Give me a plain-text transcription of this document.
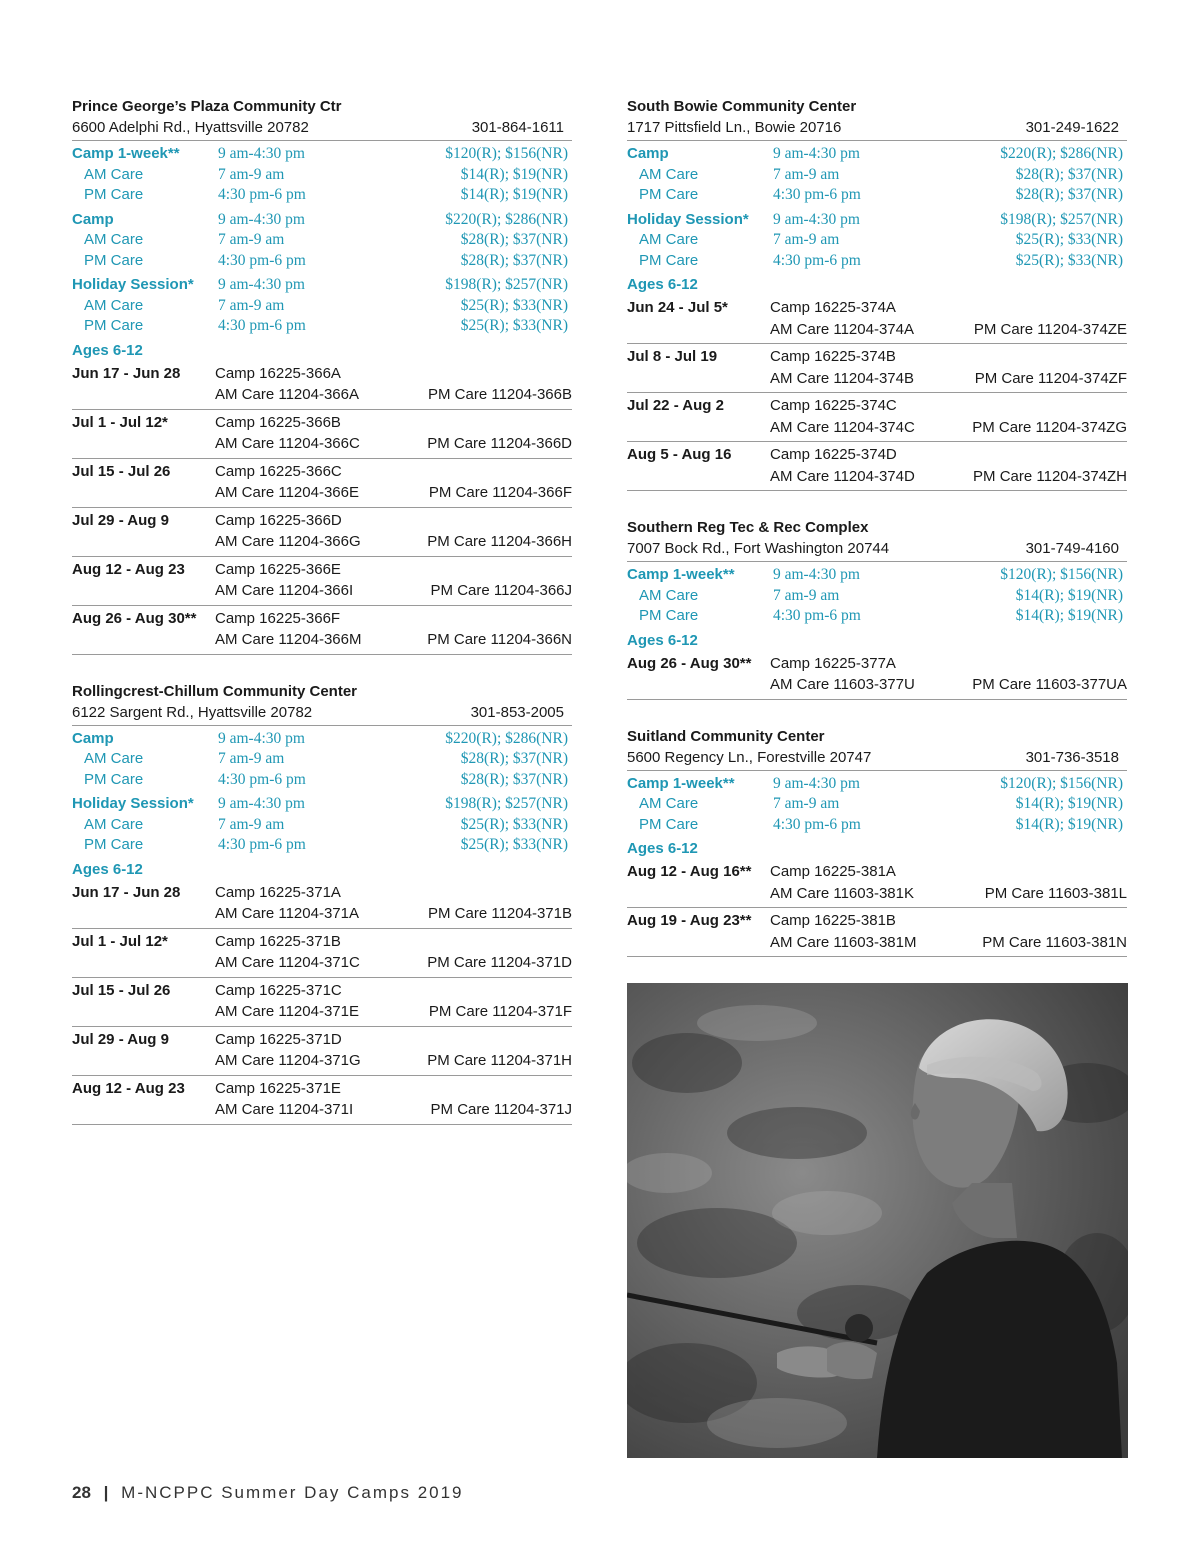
Prince George’s Plaza Community Ctr
6600 Adelphi Rd., Hyattsville 20782	301-864-1611
Camp 1-week**	9 am-4:30 pm	$120(R); $156(NR)
AM Care	7 am-9 am	$14(R); $19(NR)
PM Care	4:30 pm-6 pm	$14(R); $19(NR)
Camp	9 am-4:30 pm	$220(R); $286(NR)
AM Care	7 am-9 am	$28(R); $37(NR)
PM Care	4:30 pm-6 pm	$28(R); $37(NR)
Holiday Session*	9 am-4:30 pm	$198(R); $257(NR)
AM Care	7 am-9 am	$25(R); $33(NR)
PM Care	4:30 pm-6 pm	$25(R); $33(NR)
Ages 6-12
Jun 17 - Jun 28	Camp 16225-366A
AM Care 11204-366A	PM Care 11204-366B
Jul 1 - Jul 12*	Camp 16225-366B
AM Care 11204-366C	PM Care 11204-366D
Jul 15 - Jul 26	Camp 16225-366C
AM Care 11204-366E	PM Care 11204-366F
Jul 29 - Aug 9	Camp 16225-366D
AM Care 11204-366G	PM Care 11204-366H
Aug 12 - Aug 23	Camp 16225-366E
AM Care 11204-366I	PM Care 11204-366J
Aug 26 - Aug 30**	Camp 16225-366F
AM Care 11204-366M	PM Care 11204-366N
Rollingcrest-Chillum Community Center
6122 Sargent Rd., Hyattsville 20782	301-853-2005
Camp	9 am-4:30 pm	$220(R); $286(NR)
AM Care	7 am-9 am	$28(R); $37(NR)
PM Care	4:30 pm-6 pm	$28(R); $37(NR)
Holiday Session*	9 am-4:30 pm	$198(R); $257(NR)
AM Care	7 am-9 am	$25(R); $33(NR)
PM Care	4:30 pm-6 pm	$25(R); $33(NR)
Ages 6-12
Jun 17 - Jun 28	Camp 16225-371A
AM Care 11204-371A	PM Care 11204-371B
Jul 1 - Jul 12*	Camp 16225-371B
AM Care 11204-371C	PM Care 11204-371D
Jul 15 - Jul 26	Camp 16225-371C
AM Care 11204-371E	PM Care 11204-371F
Jul 29 - Aug 9	Camp 16225-371D
AM Care 11204-371G	PM Care 11204-371H
Aug 12 - Aug 23	Camp 16225-371E
AM Care 11204-371I	PM Care 11204-371J
South Bowie Community Center
1717 Pittsfield Ln., Bowie 20716	301-249-1622
Camp	9 am-4:30 pm	$220(R); $286(NR)
AM Care	7 am-9 am	$28(R); $37(NR)
PM Care	4:30 pm-6 pm	$28(R); $37(NR)
Holiday Session*	9 am-4:30 pm	$198(R); $257(NR)
AM Care	7 am-9 am	$25(R); $33(NR)
PM Care	4:30 pm-6 pm	$25(R); $33(NR)
Ages 6-12
Jun 24 - Jul 5*	Camp 16225-374A
AM Care 11204-374A	PM Care 11204-374ZE
Jul 8 - Jul 19	Camp 16225-374B
AM Care 11204-374B	PM Care 11204-374ZF
Jul 22 - Aug 2	Camp 16225-374C
AM Care 11204-374C	PM Care 11204-374ZG
Aug 5 - Aug 16	Camp 16225-374D
AM Care 11204-374D	PM Care 11204-374ZH
Southern Reg Tec & Rec Complex
7007 Bock Rd., Fort Washington 20744	301-749-4160
Camp 1-week**	9 am-4:30 pm	$120(R); $156(NR)
AM Care	7 am-9 am	$14(R); $19(NR)
PM Care	4:30 pm-6 pm	$14(R); $19(NR)
Ages 6-12
Aug 26 - Aug 30**	Camp 16225-377A
AM Care 11603-377U	PM Care 11603-377UA
Suitland Community Center
5600 Regency Ln., Forestville 20747	301-736-3518
Camp 1-week**	9 am-4:30 pm	$120(R); $156(NR)
AM Care	7 am-9 am	$14(R); $19(NR)
PM Care	4:30 pm-6 pm	$14(R); $19(NR)
Ages 6-12
Aug 12 - Aug 16**	Camp 16225-381A
AM Care 11603-381K	PM Care 11603-381L
Aug 19 - Aug 23**	Camp 16225-381B
AM Care 11603-381M	PM Care 11603-381N
28 | M-NCPPC Summer Day Camps 2019
